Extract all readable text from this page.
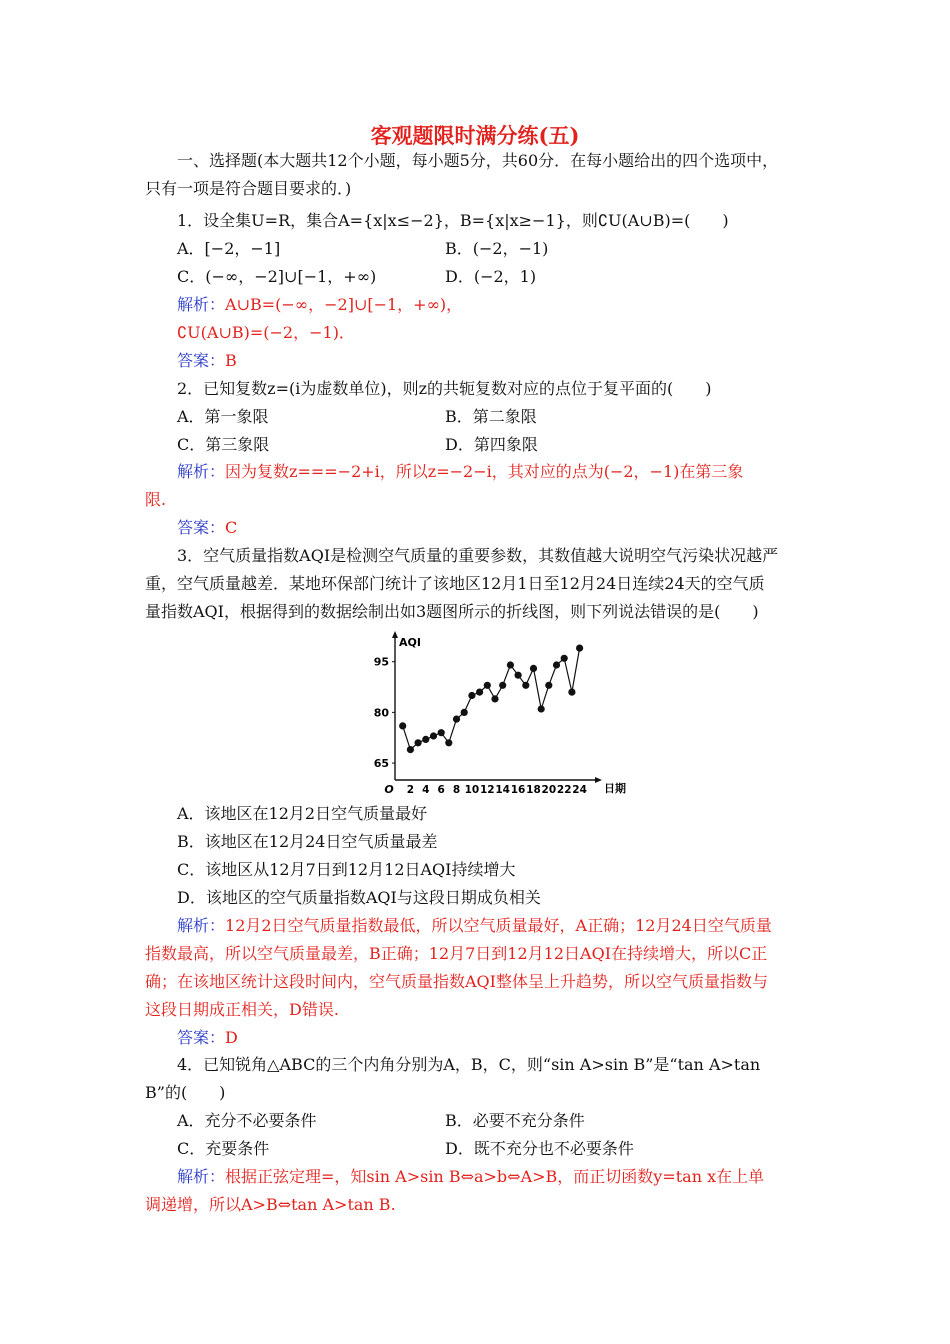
客观题限时满分练(五)
一、选择题(本大题共12个小题，每小题5分，共60分．在每小题给出的四个选项中，
只有一项是符合题目要求的．)
1．设全集U=R，集合A={x|x≤−2}，B={x|x≥−1}，则∁U(A∪B)=(　　)
A．[−2，−1]	B．(−2，−1)
C．(−∞，−2]∪[−1，+∞)	D．(−2，1)
解析：A∪B=(−∞，−2]∪[−1，+∞)，
∁U(A∪B)=(−2，−1)．
答案：B
2．已知复数z=(i为虚数单位)，则z的共轭复数对应的点位于复平面的(　　)
A．第一象限	B．第二象限
C．第三象限	D．第四象限
解析：因为复数z===−2+i，所以z=−2−i，其对应的点为(−2，−1)在第三象
限.
答案：C
3．空气质量指数AQI是检测空气质量的重要参数，其数值越大说明空气污染状况越严
重，空气质量越差．某地环保部门统计了该地区12月1日至12月24日连续24天的空气质
量指数AQI，根据得到的数据绘制出如3题图所示的折线图，则下列说法错误的是(　　)
AQI
日期
O
65
80
95
2 4 6 8 10 12 14 16 18 20 22 24
A．该地区在12月2日空气质量最好
B．该地区在12月24日空气质量最差
C．该地区从12月7日到12月12日AQI持续增大
D．该地区的空气质量指数AQI与这段日期成负相关
解析：12月2日空气质量指数最低，所以空气质量最好，A正确；12月24日空气质量
指数最高，所以空气质量最差，B正确；12月7日到12月12日AQI在持续增大，所以C正
确；在该地区统计这段时间内，空气质量指数AQI整体呈上升趋势，所以空气质量指数与
这段日期成正相关，D错误.
答案：D
4．已知锐角△ABC的三个内角分别为A，B，C，则“sin A>sin B”是“tan A>tan
B”的(　　)
A．充分不必要条件	B．必要不充分条件
C．充要条件	D．既不充分也不必要条件
解析：根据正弦定理=，知sin A>sin B⇔a>b⇔A>B，而正切函数y=tan x在上单
调递增，所以A>B⇔tan A>tan B.
